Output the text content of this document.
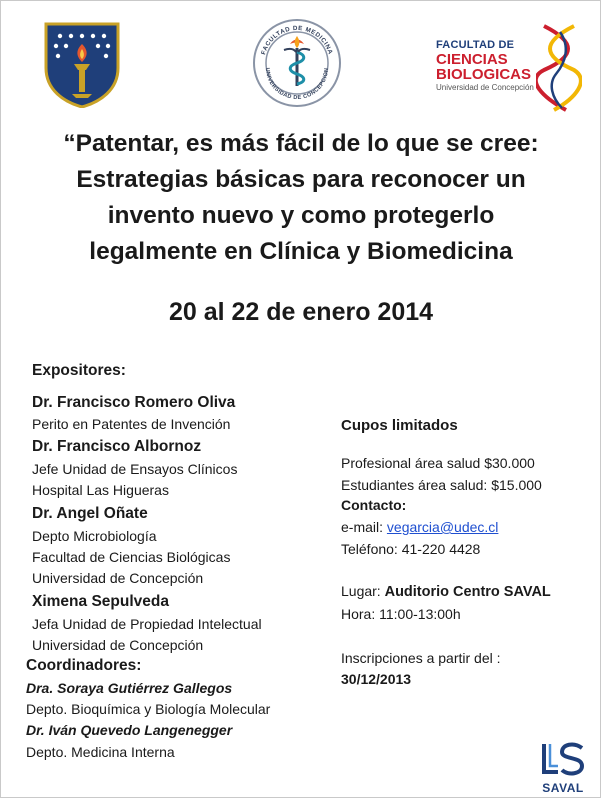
FACULTAD DE MEDICINA
UNIVERSIDAD DE CONCEPCION
FACULTAD DE
CIENCIAS
BIOLOGICAS
Universidad de Concepción
“Patentar, es más fácil de lo que se cree:
Estrategias básicas para reconocer un
invento nuevo y como protegerlo
legalmente en Clínica y Biomedicina
20 al 22 de enero 2014
Expositores:
Dr. Francisco Romero Oliva
Perito en Patentes de Invención
Dr. Francisco Albornoz
Jefe Unidad de Ensayos Clínicos
Hospital Las Higueras
Dr. Angel Oñate
Depto Microbiología
Facultad de Ciencias Biológicas
Universidad de Concepción
Ximena Sepulveda
Jefa Unidad de Propiedad Intelectual
Universidad de Concepción
Coordinadores:
Dra. Soraya Gutiérrez Gallegos
Depto. Bioquímica y Biología Molecular
Dr. Iván Quevedo Langenegger
Depto. Medicina Interna
Cupos limitados
Profesional área salud $30.000
Estudiantes área salud: $15.000
Contacto:
e-mail: vegarcia@udec.cl
Teléfono: 41-220 4428
Lugar: Auditorio Centro SAVAL
Hora: 11:00-13:00h
Inscripciones a partir del :
30/12/2013
SAVAL
